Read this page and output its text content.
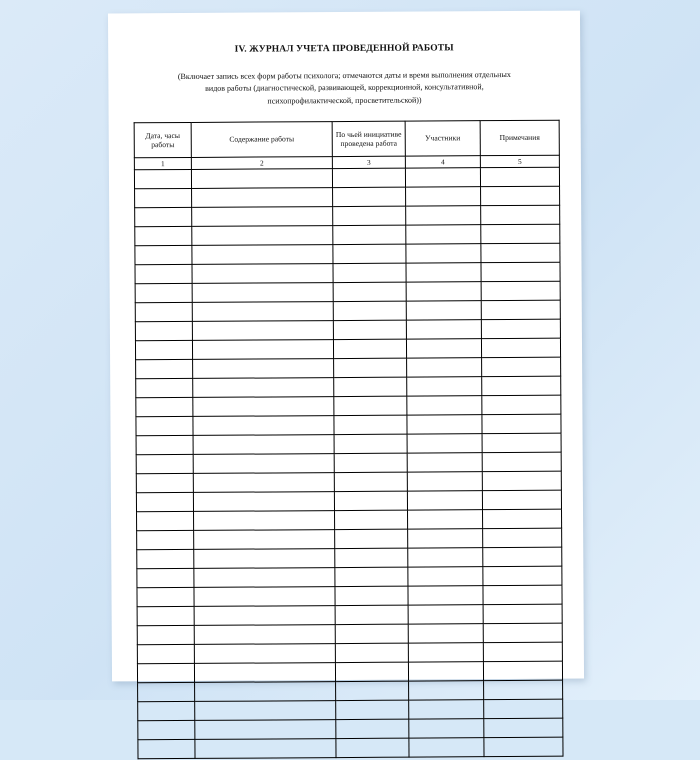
IV. ЖУРНАЛ УЧЕТА ПРОВЕДЕННОЙ РАБОТЫ
(Включает запись всех форм работы психолога; отмечаются даты и время выполнения отдельных
видов работы (диагностической, развивающей, коррекционной, консультативной,
психопрофилактической, просветительской))
Дата, часы работы	Содержание работы	По чьей инициативе проведена работа	Участники	Примечания
1	2	3	4	5
